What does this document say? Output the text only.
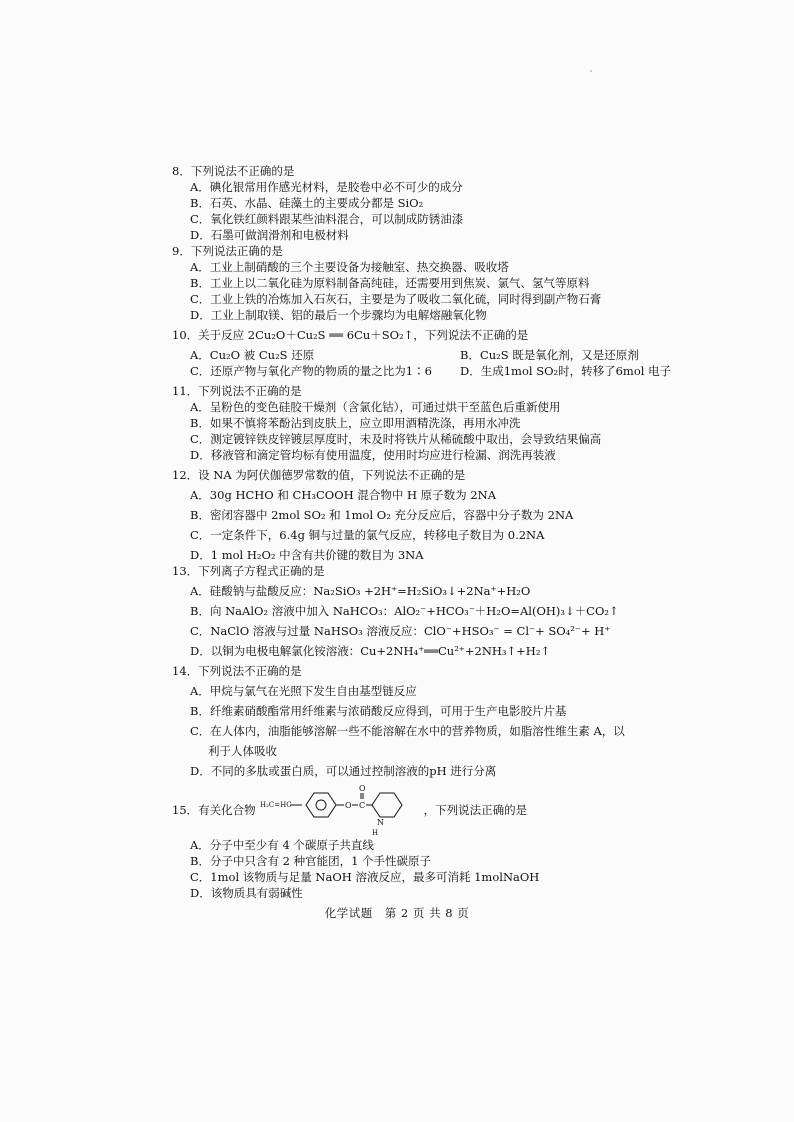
8．下列说法不正确的是
A．碘化银常用作感光材料，是胶卷中必不可少的成分
B．石英、水晶、硅藻土的主要成分都是 SiO₂
C．氧化铁红颜料跟某些油料混合，可以制成防锈油漆
D．石墨可做润滑剂和电极材料
9．下列说法正确的是
A．工业上制硝酸的三个主要设备为接触室、热交换器、吸收塔
B．工业上以二氧化硅为原料制备高纯硅，还需要用到焦炭、氯气、氢气等原料
C．工业上铁的冶炼加入石灰石，主要是为了吸收二氧化硫，同时得到副产物石膏
D．工业上制取镁、铝的最后一个步骤均为电解熔融氧化物
10．关于反应 2Cu₂O＋Cu₂S ══ 6Cu＋SO₂↑，下列说法不正确的是
A．Cu₂O 被 Cu₂S 还原	B．Cu₂S 既是氧化剂，又是还原剂
C．还原产物与氧化产物的物质的量之比为1∶6	D．生成1mol SO₂时，转移了6mol 电子
11．下列说法不正确的是
A．呈粉色的变色硅胶干燥剂（含氯化钴），可通过烘干至蓝色后重新使用
B．如果不慎将苯酚沾到皮肤上，应立即用酒精洗涤，再用水冲洗
C．测定镀锌铁皮锌镀层厚度时，未及时将铁片从稀硫酸中取出，会导致结果偏高
D．移液管和滴定管均标有使用温度，使用时均应进行检漏、润洗再装液
12．设 NA 为阿伏伽德罗常数的值，下列说法不正确的是
A．30g HCHO 和 CH₃COOH 混合物中 H 原子数为 2NA
B．密闭容器中 2mol SO₂ 和 1mol O₂ 充分反应后，容器中分子数为 2NA
C．一定条件下，6.4g 铜与过量的氯气反应，转移电子数目为 0.2NA
D．1 mol H₂O₂ 中含有共价键的数目为 3NA
13．下列离子方程式正确的是
A．硅酸钠与盐酸反应：Na₂SiO₃ +2H⁺=H₂SiO₃↓+2Na⁺+H₂O
B．向 NaAlO₂ 溶液中加入 NaHCO₃：AlO₂⁻+HCO₃⁻＋H₂O=Al(OH)₃↓＋CO₂↑
C．NaClO 溶液与过量 NaHSO₃ 溶液反应：ClO⁻+HSO₃⁻ = Cl⁻+ SO₄²⁻+ H⁺
D．以铜为电极电解氯化铵溶液：Cu+2NH₄⁺══Cu²⁺+2NH₃↑+H₂↑
14．下列说法不正确的是
A．甲烷与氯气在光照下发生自由基型链反应
B．纤维素硝酸酯常用纤维素与浓硝酸反应得到，可用于生产电影胶片片基
C．在人体内，油脂能够溶解一些不能溶解在水中的营养物质，如脂溶性维生素 A，以
利于人体吸收
D．不同的多肽或蛋白质，可以通过控制溶液的pH 进行分离
15．有关化合物 H₂C=HC	O C
O
N
H
，下列说法正确的是
A．分子中至少有 4 个碳原子共直线
B．分子中只含有 2 种官能团，1 个手性碳原子
C．1mol 该物质与足量 NaOH 溶液反应，最多可消耗 1molNaOH
D．该物质具有弱碱性
化学试题　第 2 页 共 8 页
